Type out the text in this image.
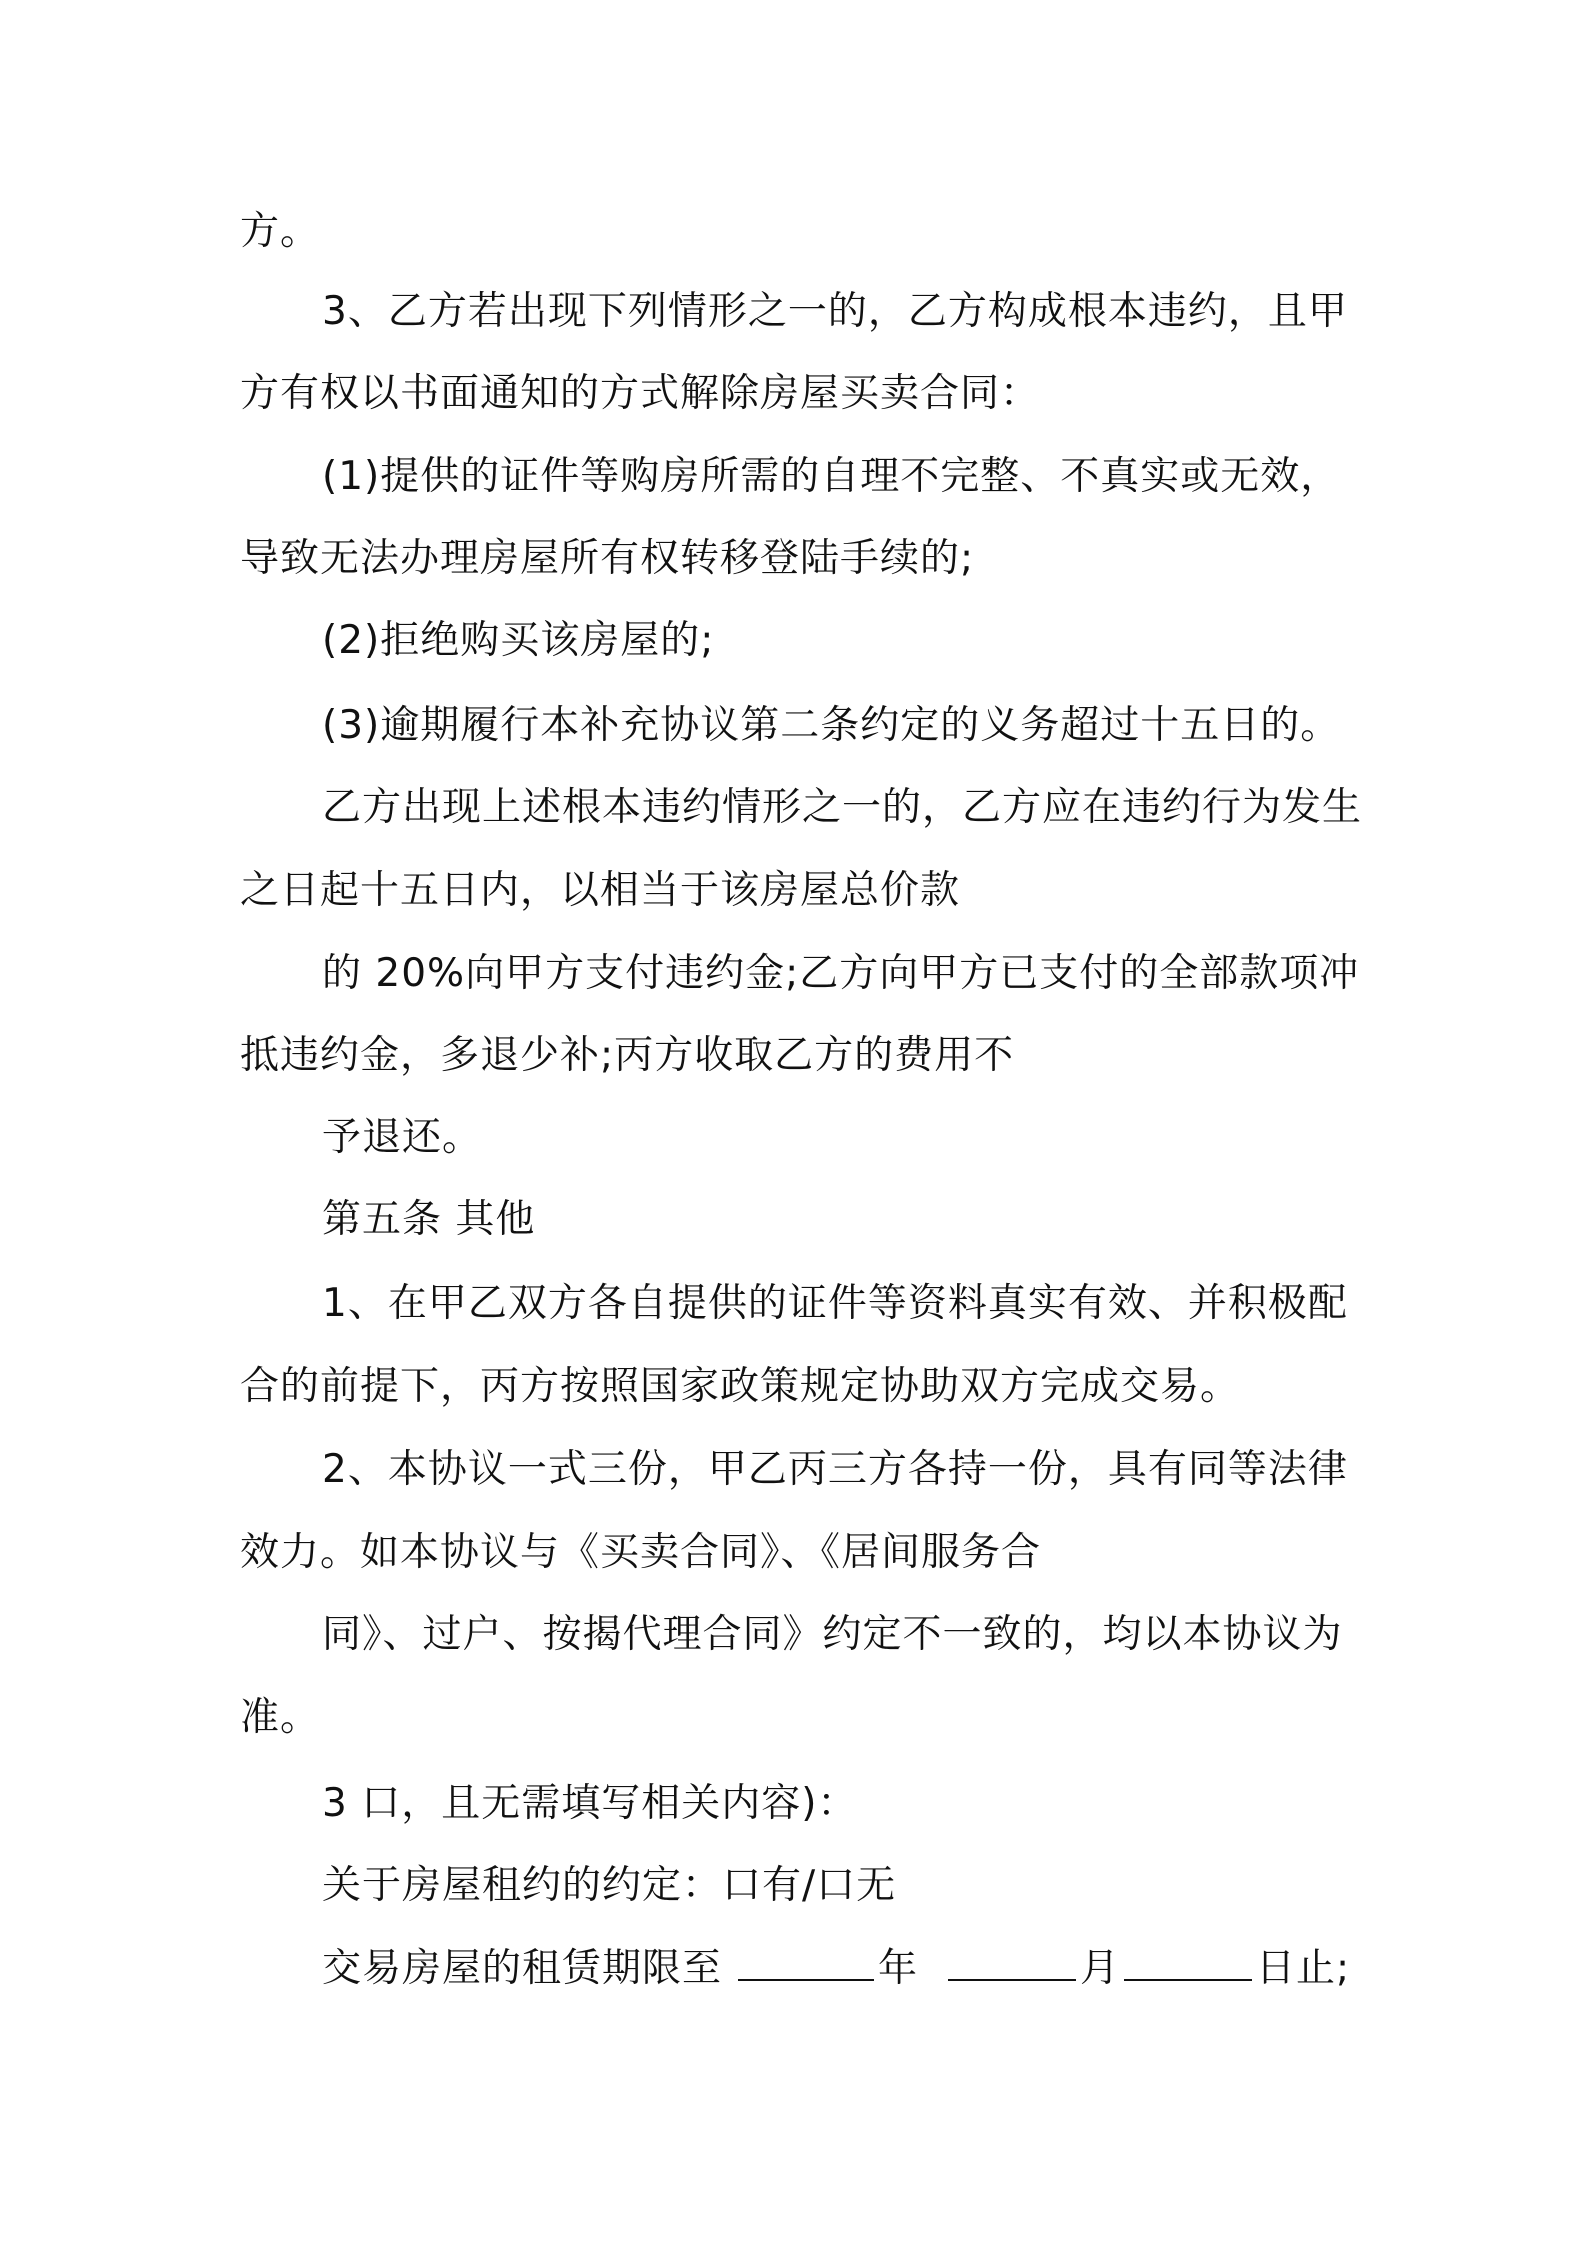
方。
3、乙方若出现下列情形之一的，乙方构成根本违约，且甲
方有权以书面通知的方式解除房屋买卖合同：
(1)提供的证件等购房所需的自理不完整、不真实或无效，
导致无法办理房屋所有权转移登陆手续的;
(2)拒绝购买该房屋的;
(3)逾期履行本补充协议第二条约定的义务超过十五日的。
乙方出现上述根本违约情形之一的，乙方应在违约行为发生
之日起十五日内，以相当于该房屋总价款
的 20%向甲方支付违约金;乙方向甲方已支付的全部款项冲
抵违约金，多退少补;丙方收取乙方的费用不
予退还。
第五条 其他
1、在甲乙双方各自提供的证件等资料真实有效、并积极配
合的前提下，丙方按照国家政策规定协助双方完成交易。
2、本协议一式三份，甲乙丙三方各持一份，具有同等法律
效力。如本协议与《买卖合同》、《居间服务合
同》、过户、按揭代理合同》约定不一致的，均以本协议为
准。
3 口，且无需填写相关内容)：
关于房屋租约的约定：口有/口无
交易房屋的租赁期限至	年	月	日止;
